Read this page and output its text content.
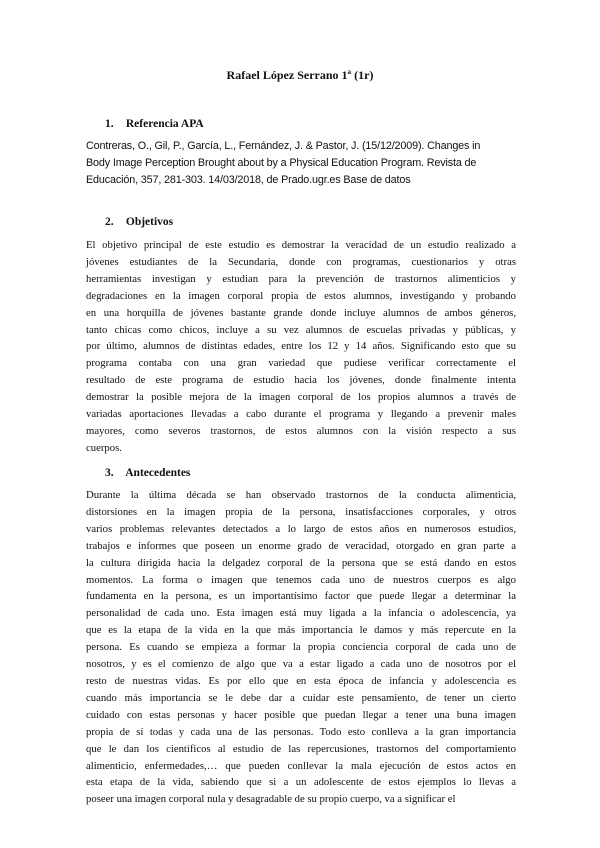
Rafael López Serrano 1ª (1r)
1. Referencia APA
Contreras, O., Gil, P., García, L., Fernández, J. & Pastor, J. (15/12/2009). Changes in
Body Image Perception Brought about by a Physical Education Program. Revista de
Educación, 357, 281-303. 14/03/2018, de Prado.ugr.es Base de datos
2. Objetivos
El objetivo principal de este estudio es demostrar la veracidad de un estudio realizado a
jóvenes estudiantes de la Secundaria, donde con programas, cuestionarios y otras
herramientas investigan y estudian para la prevención de trastornos alimenticios y
degradaciones en la imagen corporal propia de estos alumnos, investigando y probando
en una horquilla de jóvenes bastante grande donde incluye alumnos de ambos géneros,
tanto chicas como chicos, incluye a su vez alumnos de escuelas privadas y públicas, y
por último, alumnos de distintas edades, entre los 12 y 14 años. Significando esto que su
programa contaba con una gran variedad que pudiese verificar correctamente el
resultado de este programa de estudio hacia los jóvenes, donde finalmente intenta
demostrar la posible mejora de la imagen corporal de los propios alumnos a través de
variadas aportaciones llevadas a cabo durante el programa y llegando a prevenir males
mayores, como severos trastornos, de estos alumnos con la visión respecto a sus
cuerpos.
3. Antecedentes
Durante la última década se han observado trastornos de la conducta alimenticia,
distorsiones en la imagen propia de la persona, insatisfacciones corporales, y otros
varios problemas relevantes detectados a lo largo de estos años en numerosos estudios,
trabajos e informes que poseen un enorme grado de veracidad, otorgado en gran parte a
la cultura dirigida hacia la delgadez corporal de la persona que se está dando en estos
momentos. La forma o imagen que tenemos cada uno de nuestros cuerpos es algo
fundamenta en la persona, es un importantísimo factor que puede llegar a determinar la
personalidad de cada uno. Esta imagen está muy ligada a la infancia o adolescencia, ya
que es la etapa de la vida en la que más importancia le damos y más repercute en la
persona. Es cuando se empieza a formar la propia conciencia corporal de cada uno de
nosotros, y es el comienzo de algo que va a estar ligado a cada uno de nosotros por el
resto de nuestras vidas. Es por ello que en esta época de infancia y adolescencia es
cuando más importancia se le debe dar a cuidar este pensamiento, de tener un cierto
cuidado con estas personas y hacer posible que puedan llegar a tener una buna imagen
propia de sí todas y cada una de las personas. Todo esto conlleva a la gran importancia
que le dan los científicos al estudio de las repercusiones, trastornos del comportamiento
alimenticio, enfermedades,… que pueden conllevar la mala ejecución de estos actos en
esta etapa de la vida, sabiendo que si a un adolescente de estos ejemplos lo llevas a
poseer una imagen corporal nula y desagradable de su propio cuerpo, va a significar el
